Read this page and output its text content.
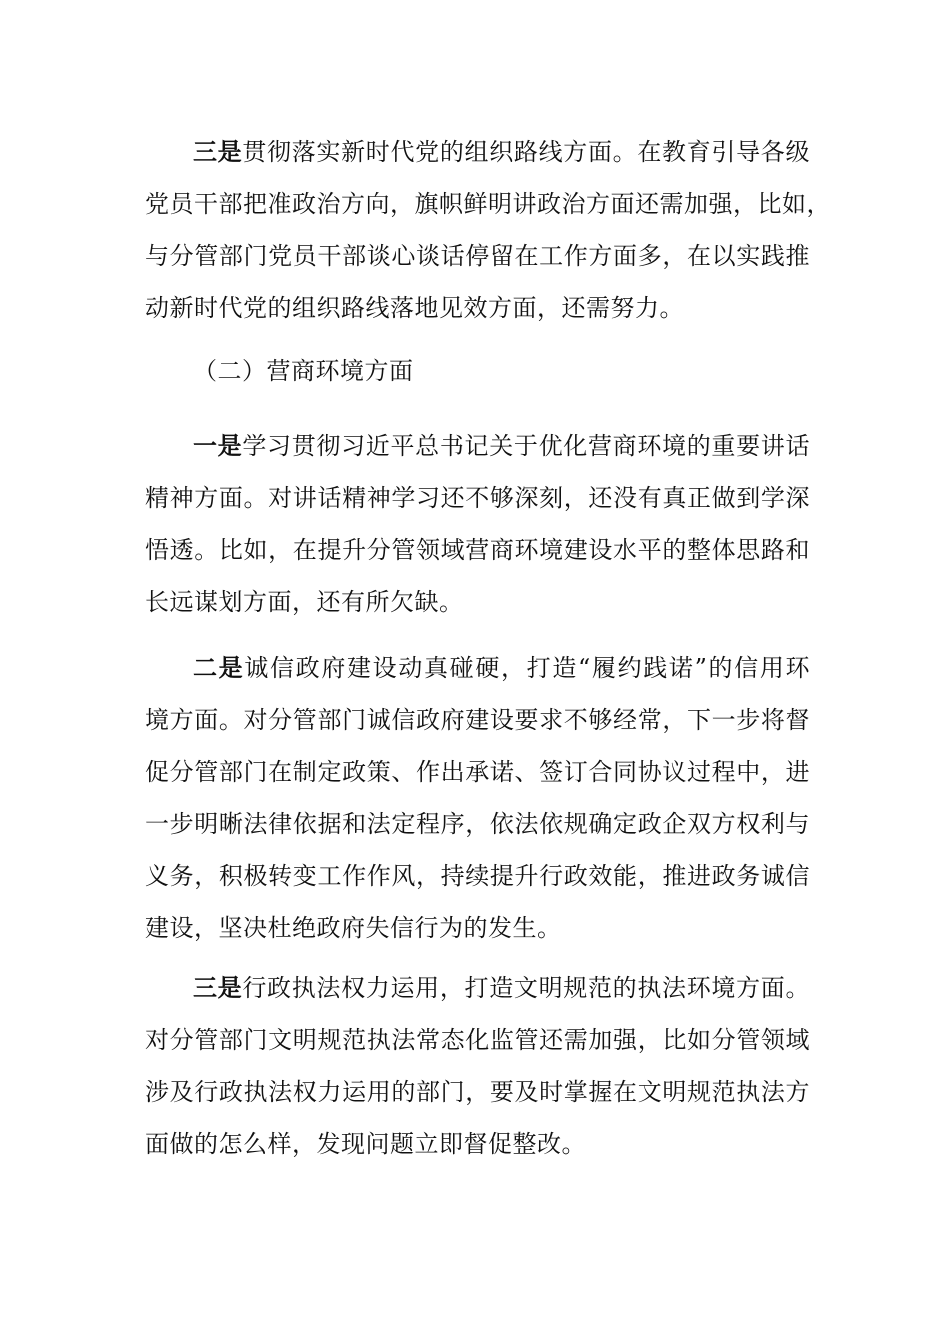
三是贯彻落实新时代党的组织路线方面。在教育引导各级
党员干部把准政治方向，旗帜鲜明讲政治方面还需加强，比如，
与分管部门党员干部谈心谈话停留在工作方面多，在以实践推
动新时代党的组织路线落地见效方面，还需努力。

（二）营商环境方面

一是学习贯彻习近平总书记关于优化营商环境的重要讲话
精神方面。对讲话精神学习还不够深刻，还没有真正做到学深
悟透。比如，在提升分管领域营商环境建设水平的整体思路和
长远谋划方面，还有所欠缺。
二是诚信政府建设动真碰硬，打造“履约践诺”的信用环
境方面。对分管部门诚信政府建设要求不够经常，下一步将督
促分管部门在制定政策、作出承诺、签订合同协议过程中，进
一步明晰法律依据和法定程序，依法依规确定政企双方权利与
义务，积极转变工作作风，持续提升行政效能，推进政务诚信
建设，坚决杜绝政府失信行为的发生。
三是行政执法权力运用，打造文明规范的执法环境方面。
对分管部门文明规范执法常态化监管还需加强，比如分管领域
涉及行政执法权力运用的部门，要及时掌握在文明规范执法方
面做的怎么样，发现问题立即督促整改。
